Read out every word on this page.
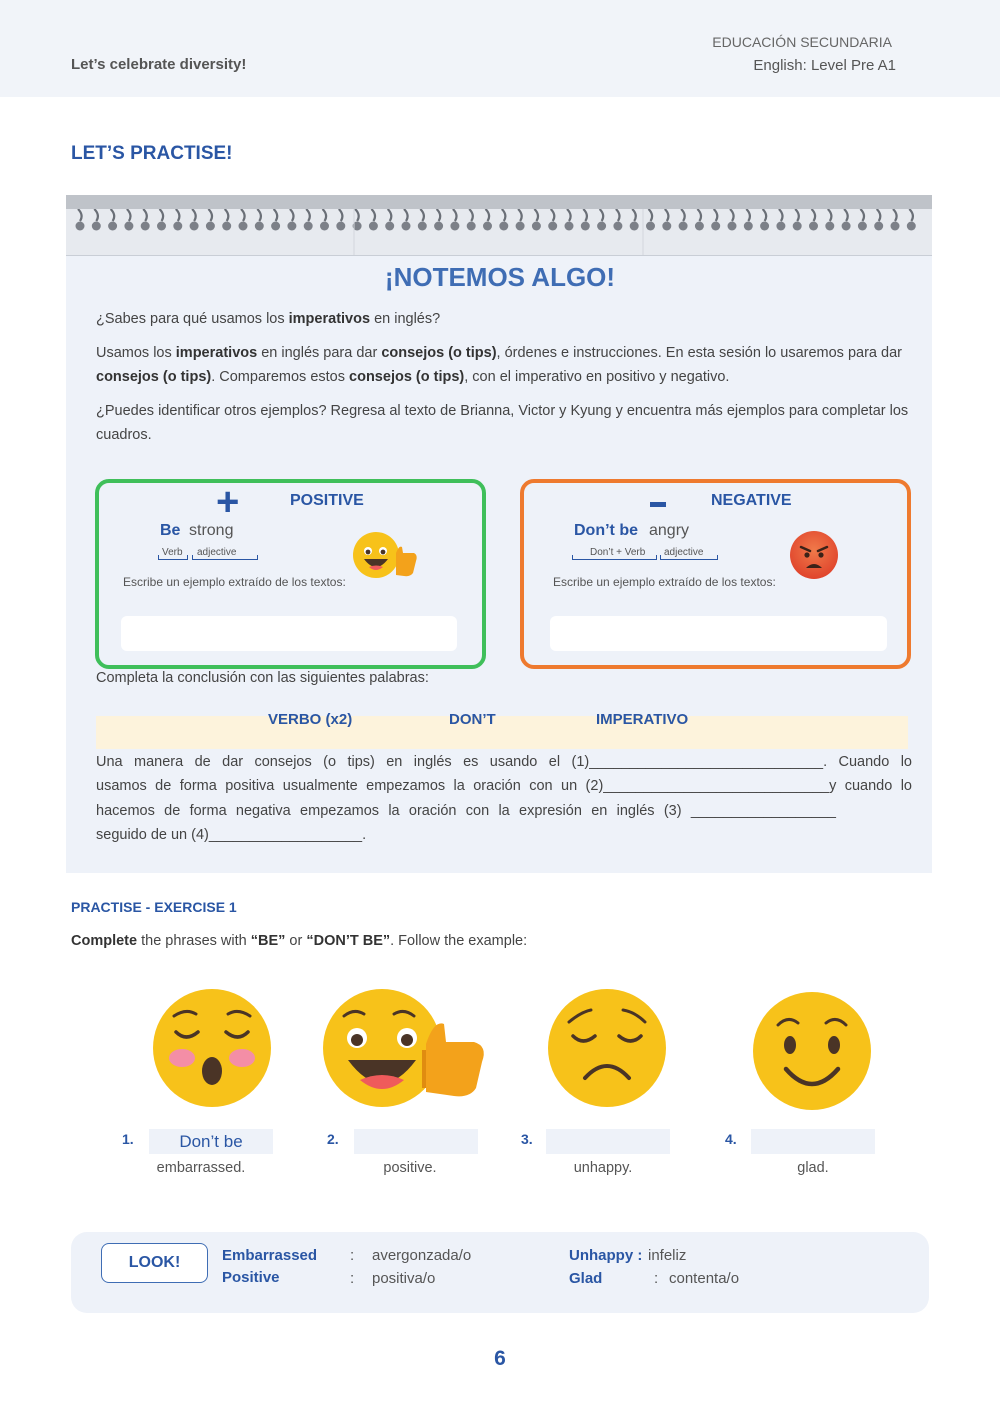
Let’s celebrate diversity!
EDUCACIÓN SECUNDARIA
English: Level Pre A1
LET’S PRACTISE!
¡NOTEMOS ALGO!
¿Sabes para qué usamos los imperativos en inglés?
Usamos los imperativos en inglés para dar consejos (o tips), órdenes e instrucciones. En esta sesión lo usaremos para dar consejos (o tips). Comparemos estos consejos (o tips), con el imperativo en positivo y negativo.
¿Puedes identificar otros ejemplos? Regresa al texto de Brianna, Victor y Kyung y encuentra más ejemplos para completar los cuadros.
+	POSITIVE
Be strong
Verb adjective
Escribe un ejemplo extraído de los textos:
NEGATIVE
Don’t be angry
Don’t + Verb adjective
Escribe un ejemplo extraído de los textos:
Completa la conclusión con las siguientes palabras:
VERBO (x2)	DON’T	IMPERATIVO
Una manera de dar consejos (o tips) en inglés es usando el (1)_____________________________. Cuando lo
usamos de forma positiva usualmente empezamos la oración con un (2)____________________________y cuando lo
hacemos de forma negativa empezamos la oración con la expresión en inglés (3) __________________
seguido de un (4)___________________.
PRACTISE - EXERCISE 1
Complete the phrases with “BE” or “DON’T BE”. Follow the example:
1.	Don’t be
embarrassed.
2.
positive.
3.
unhappy.
4.
glad.
LOOK!	Embarrassed : avergonzada/o
Positive	: positiva/o
Unhappy : infeliz
Glad	: contenta/o
6
